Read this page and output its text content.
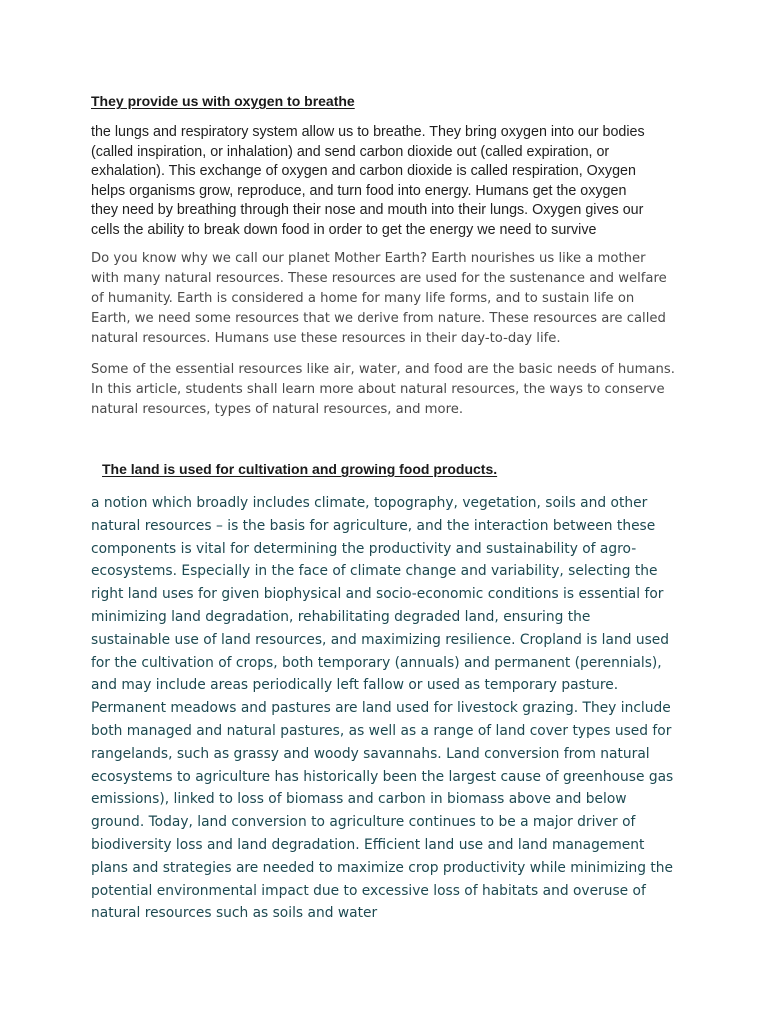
They provide us with oxygen to breathe

the lungs and respiratory system allow us to breathe. They bring oxygen into our bodies
(called inspiration, or inhalation) and send carbon dioxide out (called expiration, or
exhalation). This exchange of oxygen and carbon dioxide is called respiration, Oxygen
helps organisms grow, reproduce, and turn food into energy. Humans get the oxygen
they need by breathing through their nose and mouth into their lungs. Oxygen gives our
cells the ability to break down food in order to get the energy we need to survive

Do you know why we call our planet Mother Earth? Earth nourishes us like a mother
with many natural resources. These resources are used for the sustenance and welfare
of humanity. Earth is considered a home for many life forms, and to sustain life on
Earth, we need some resources that we derive from nature. These resources are called
natural resources. Humans use these resources in their day-to-day life.

Some of the essential resources like air, water, and food are the basic needs of humans.
In this article, students shall learn more about natural resources, the ways to conserve
natural resources, types of natural resources, and more.

The land is used for cultivation and growing food products.

a notion which broadly includes climate, topography, vegetation, soils and other
natural resources – is the basis for agriculture, and the interaction between these
components is vital for determining the productivity and sustainability of agro-
ecosystems. Especially in the face of climate change and variability, selecting the
right land uses for given biophysical and socio-economic conditions is essential for
minimizing land degradation, rehabilitating degraded land, ensuring the
sustainable use of land resources, and maximizing resilience. Cropland is land used
for the cultivation of crops, both temporary (annuals) and permanent (perennials),
and may include areas periodically left fallow or used as temporary pasture.
Permanent meadows and pastures are land used for livestock grazing. They include
both managed and natural pastures, as well as a range of land cover types used for
rangelands, such as grassy and woody savannahs. Land conversion from natural
ecosystems to agriculture has historically been the largest cause of greenhouse gas
emissions), linked to loss of biomass and carbon in biomass above and below
ground. Today, land conversion to agriculture continues to be a major driver of
biodiversity loss and land degradation. Efficient land use and land management
plans and strategies are needed to maximize crop productivity while minimizing the
potential environmental impact due to excessive loss of habitats and overuse of
natural resources such as soils and water
